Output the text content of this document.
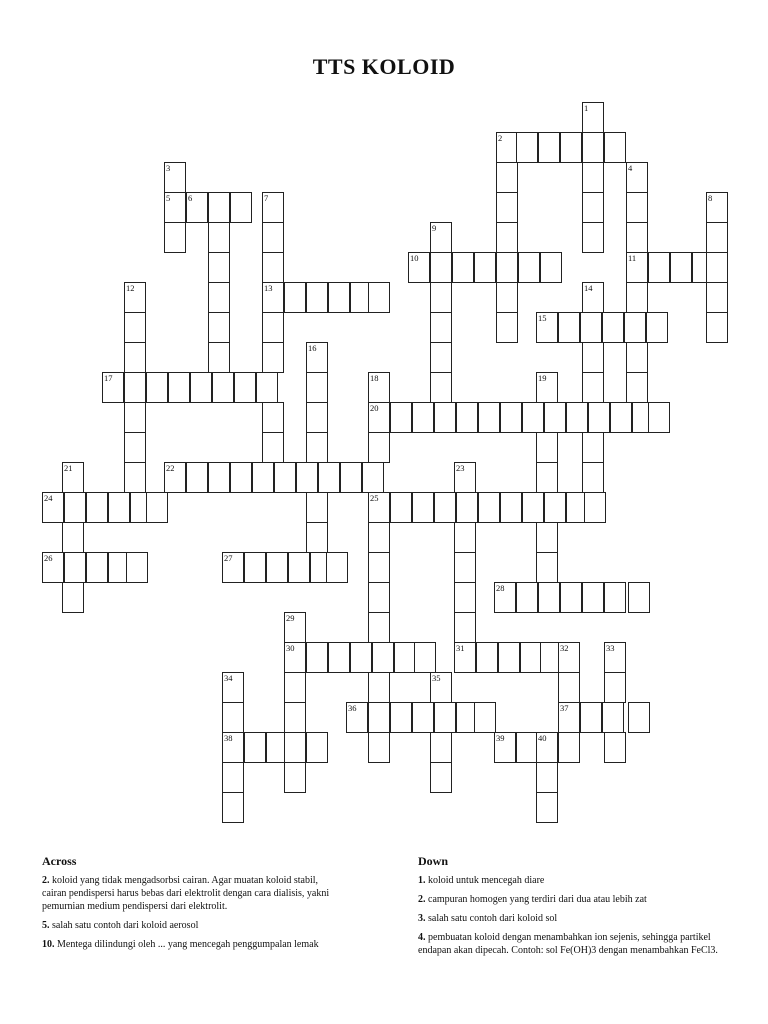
TTS KOLOID
1
2
4
3
5 6	7	8
9
10	11
12	13	14
15
16
17	18	19
20
21	22	23
24	25
26	27
28
29
30	31	32	33
34	35
36	37
38	39	40
Across

2. koloid yang tidak mengadsorbsi cairan. Agar muatan koloid stabil, cairan pendispersi harus bebas dari elektrolit dengan cara dialisis, yakni pemurnian medium pendispersi dari elektrolit.

5. salah satu contoh dari koloid aerosol

10. Mentega dilindungi oleh ... yang mencegah penggumpalan lemak

Down

1. koloid untuk mencegah diare

2. campuran homogen yang terdiri dari dua atau lebih zat

3. salah satu contoh dari koloid sol

4. pembuatan koloid dengan menambahkan ion sejenis, sehingga partikel endapan akan dipecah. Contoh: sol Fe(OH)3 dengan menambahkan FeCl3.
